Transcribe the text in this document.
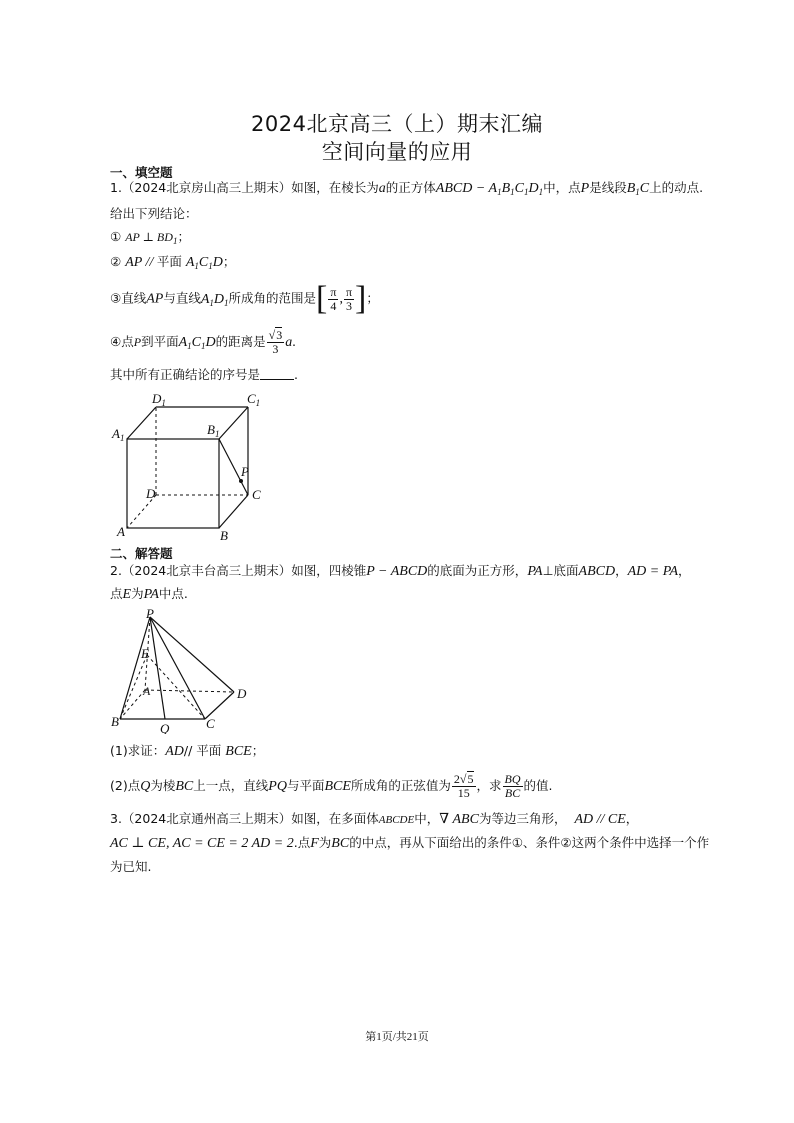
2024北京高三（上）期末汇编
空间向量的应用
一、填空题
1.（2024北京房山高三上期末）如图，在棱长为a的正方体ABCD − $A_1B_1C_1D_1$中，点P是线段$B_1C$上的动点.
给出下列结论：
① AP ⊥ $BD_1$；
② AP // 平面 $A_1C_1D$；
③直线AP与直线$A_1D_1$所成角的范围是[ $\frac{\pi}{4}$ , $\frac{\pi}{3}$ ]；
④点P到平面$A_1C_1D$的距离是 $\frac{√3}{3} a$.
其中所有正确结论的序号是	.
$D_1$	$C_1$
$A_1$
$B_1$
P
D	C
A	B
二、解答题
2.（2024北京丰台高三上期末）如图，四棱锥P − ABCD的底面为正方形，PA⊥底面ABCD，AD = PA，
点E为PA中点.
P
E
A	D
B	Q	C
(1)求证：AD// 平面 BCE；
(2)点Q为棱BC上一点，直线PQ与平面BCE所成角的正弦值为 $\frac{2√5}{15}$ ，求 $\frac{BQ}{BC}$ 的值.
3.（2024北京通州高三上期末）如图，在多面体ABCDE中，∇ ABC为等边三角形， AD // CE，
AC ⊥ CE, AC = CE = 2 AD = 2.点F为BC的中点，再从下面给出的条件①、条件②这两个条件中选择一个作
为已知.
第1页/共21页
